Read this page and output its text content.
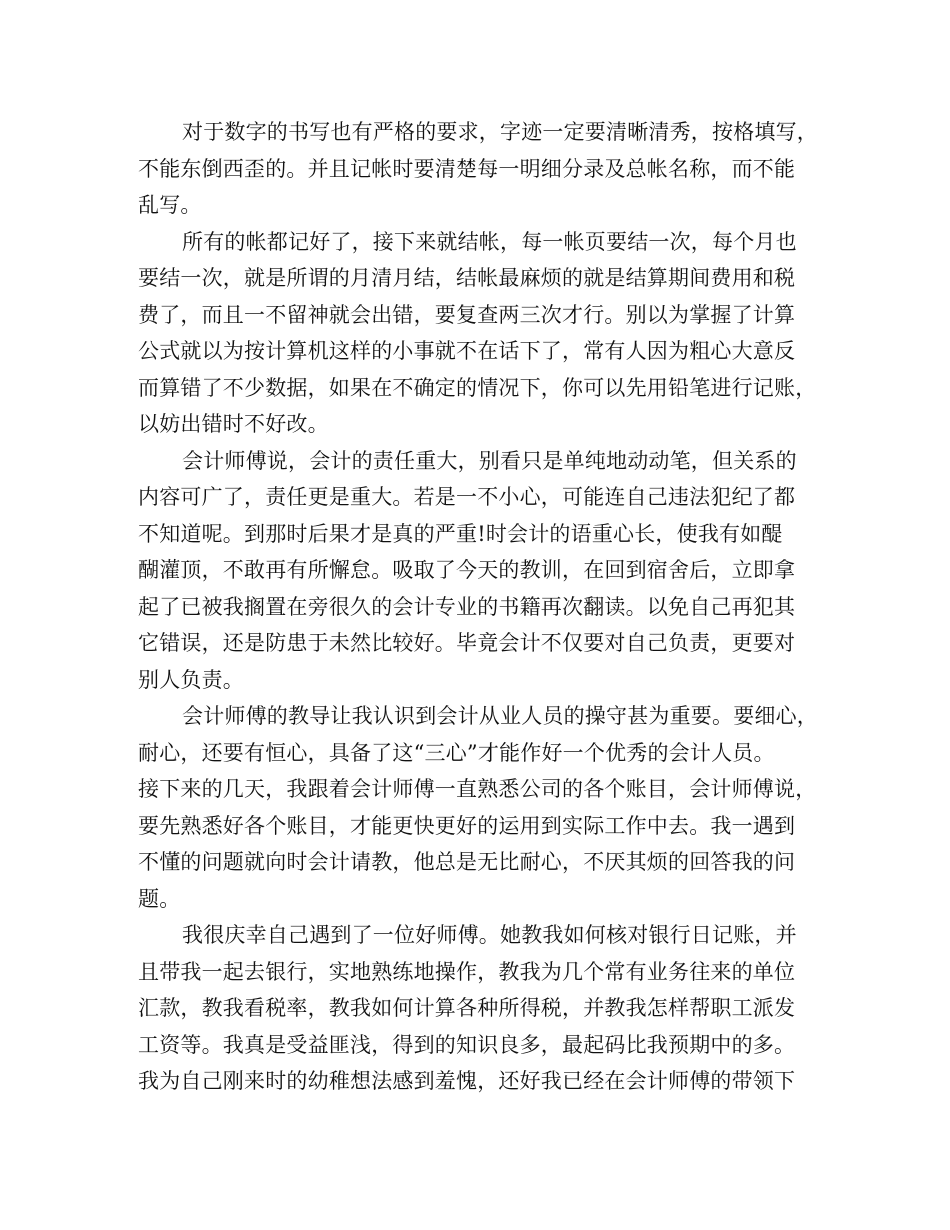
对于数字的书写也有严格的要求，字迹一定要清晰清秀，按格填写，
不能东倒西歪的。并且记帐时要清楚每一明细分录及总帐名称，而不能
乱写。
所有的帐都记好了，接下来就结帐，每一帐页要结一次，每个月也
要结一次，就是所谓的月清月结，结帐最麻烦的就是结算期间费用和税
费了，而且一不留神就会出错，要复查两三次才行。别以为掌握了计算
公式就以为按计算机这样的小事就不在话下了，常有人因为粗心大意反
而算错了不少数据，如果在不确定的情况下，你可以先用铅笔进行记账，
以妨出错时不好改。
会计师傅说，会计的责任重大，别看只是单纯地动动笔，但关系的
内容可广了，责任更是重大。若是一不小心，可能连自己违法犯纪了都
不知道呢。到那时后果才是真的严重!时会计的语重心长，使我有如醍
醐灌顶，不敢再有所懈怠。吸取了今天的教训，在回到宿舍后，立即拿
起了已被我搁置在旁很久的会计专业的书籍再次翻读。以免自己再犯其
它错误，还是防患于未然比较好。毕竟会计不仅要对自己负责，更要对
别人负责。
会计师傅的教导让我认识到会计从业人员的操守甚为重要。要细心，
耐心，还要有恒心，具备了这“三心”才能作好一个优秀的会计人员。
接下来的几天，我跟着会计师傅一直熟悉公司的各个账目，会计师傅说，
要先熟悉好各个账目，才能更快更好的运用到实际工作中去。我一遇到
不懂的问题就向时会计请教，他总是无比耐心，不厌其烦的回答我的问
题。
我很庆幸自己遇到了一位好师傅。她教我如何核对银行日记账，并
且带我一起去银行，实地熟练地操作，教我为几个常有业务往来的单位
汇款，教我看税率，教我如何计算各种所得税，并教我怎样帮职工派发
工资等。我真是受益匪浅，得到的知识良多，最起码比我预期中的多。
我为自己刚来时的幼稚想法感到羞愧，还好我已经在会计师傅的带领下
